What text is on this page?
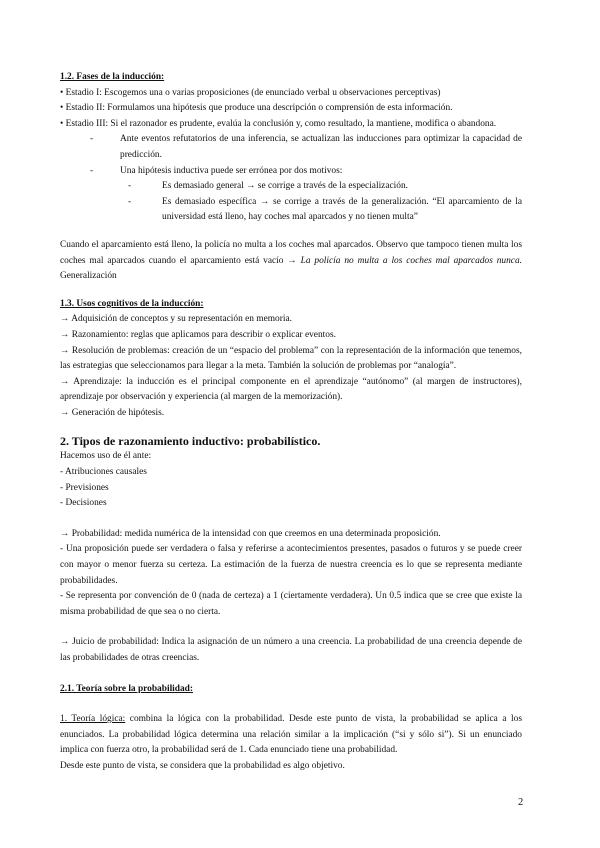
1.2. Fases de la inducción:

• Estadio I: Escogemos una o varias proposiciones (de enunciado verbal u observaciones perceptivas)

• Estadio II: Formulamos una hipótesis que produce una descripción o comprensión de esta información.

• Estadio III: Si el razonador es prudente, evalúa la conclusión y, como resultado, la mantiene, modifica o abandona.

- Ante eventos refutatorios de una inferencia, se actualizan las inducciones para optimizar la capacidad de predicción.

- Una hipótesis inductiva puede ser errónea por dos motivos:

- Es demasiado general → se corrige a través de la especialización.

- Es demasiado específica → se corrige a través de la generalización. “El aparcamiento de la universidad está lleno, hay coches mal aparcados y no tienen multa”

Cuando el aparcamiento está lleno, la policía no multa a los coches mal aparcados. Observo que tampoco tienen multa los coches mal aparcados cuando el aparcamiento está vacío → La policía no multa a los coches mal aparcados nunca. Generalización

1.3. Usos cognitivos de la inducción:

→ Adquisición de conceptos y su representación en memoria.

→ Razonamiento: reglas que aplicamos para describir o explicar eventos.

→ Resolución de problemas: creación de un “espacio del problema” con la representación de la información que tenemos, las estrategias que seleccionamos para llegar a la meta. También la solución de problemas por “analogía”.

→ Aprendizaje: la inducción es el principal componente en el aprendizaje “autónomo” (al margen de instructores), aprendizaje por observación y experiencia (al margen de la memorización).

→ Generación de hipótesis.

2. Tipos de razonamiento inductivo: probabilístico.

Hacemos uso de él ante:

- Atribuciones causales

- Previsiones

- Decisiones

→ Probabilidad: medida numérica de la intensidad con que creemos en una determinada proposición.

- Una proposición puede ser verdadera o falsa y referirse a acontecimientos presentes, pasados o futuros y se puede creer con mayor o menor fuerza su certeza. La estimación de la fuerza de nuestra creencia es lo que se representa mediante probabilidades.

- Se representa por convención de 0 (nada de certeza) a 1 (ciertamente verdadera). Un 0.5 indica que se cree que existe la misma probabilidad de que sea o no cierta.

→ Juicio de probabilidad: Indica la asignación de un número a una creencia. La probabilidad de una creencia depende de las probabilidades de otras creencias.

2.1. Teoría sobre la probabilidad:

1. Teoría lógica: combina la lógica con la probabilidad. Desde este punto de vista, la probabilidad se aplica a los enunciados. La probabilidad lógica determina una relación similar a la implicación (“si y sólo si”). Si un enunciado implica con fuerza otro, la probabilidad será de 1. Cada enunciado tiene una probabilidad.

Desde este punto de vista, se considera que la probabilidad es algo objetivo.

2
